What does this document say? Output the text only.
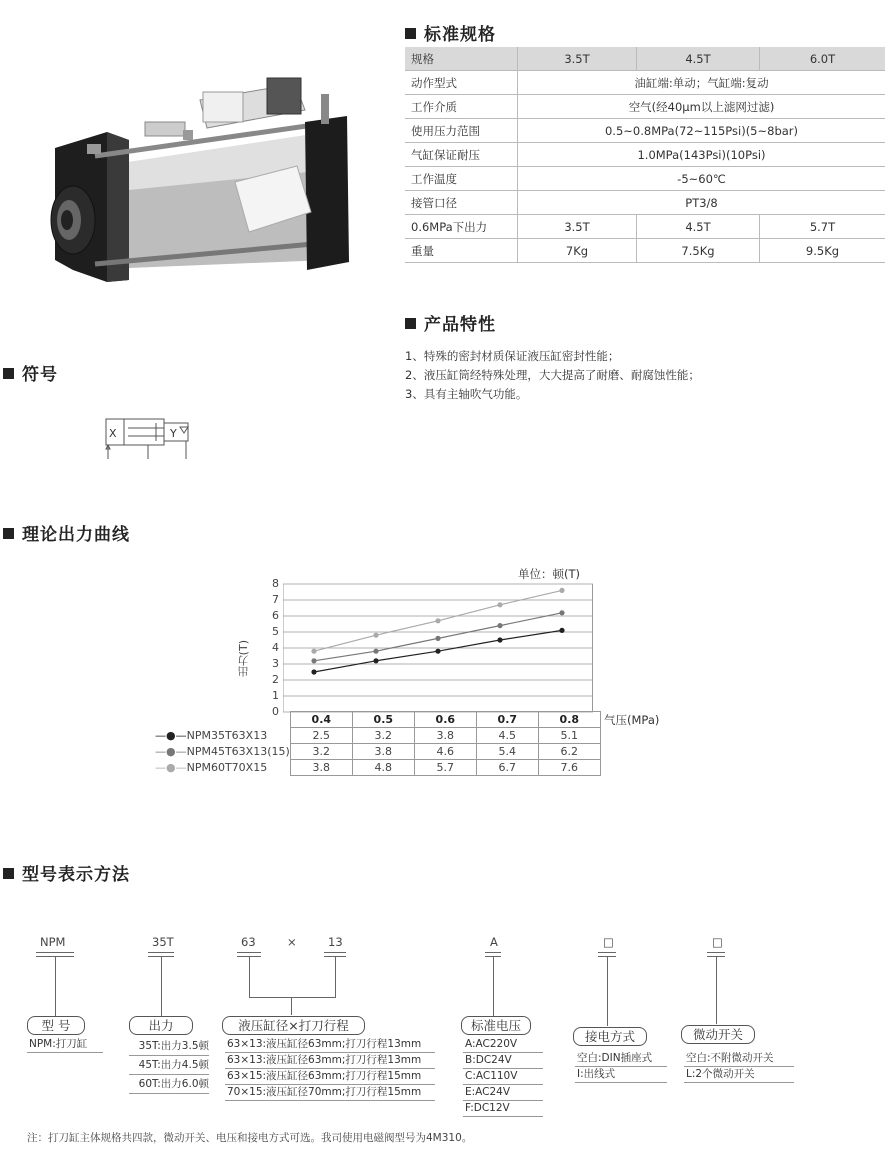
标准规格
规格	3.5T	4.5T	6.0T
动作型式	油缸端:单动；气缸端:复动		
工作介质	空气(经40μm以上滤网过滤)		
使用压力范围	0.5~0.8MPa(72~115Psi)(5~8bar)		
气缸保证耐压	1.0MPa(143Psi)(10Psi)		
工作温度	-5~60℃		
接管口径	PT3/8		
0.6MPa下出力	3.5T	4.5T	5.7T
重量	7Kg	7.5Kg	9.5Kg
产品特性
1、特殊的密封材质保证液压缸密封性能；
2、液压缸筒经特殊处理，大大提高了耐磨、耐腐蚀性能；
3、具有主轴吹气功能。
符号
X	Y
理论出力曲线
单位：顿(T)
出力(T)
0
1
2
3
4
5
6
7
8
气压(MPa)
	0.4	0.5	0.6	0.7	0.8
—●—NPM35T63X13	2.5	3.2	3.8	4.5	5.1
—●—NPM45T63X13(15)	3.2	3.8	4.6	5.4	6.2
—●—NPM60T70X15	3.8	4.8	5.7	6.7	7.6
型号表示方法
NPM	35T	63	×	13	A	□	□
型 号
NPM:打刀缸
出力
35T:出力3.5顿
45T:出力4.5顿
60T:出力6.0顿
液压缸径×打刀行程
63×13:液压缸径63mm;打刀行程13mm
63×13:液压缸径63mm;打刀行程13mm
63×15:液压缸径63mm;打刀行程15mm
70×15:液压缸径70mm;打刀行程15mm
标准电压
A:AC220V
B:DC24V
C:AC110V
E:AC24V
F:DC12V
接电方式
空白:DIN插座式
I:出线式
微动开关
空白:不附微动开关
L:2个微动开关
注：打刀缸主体规格共四款，微动开关、电压和接电方式可选。我司使用电磁阀型号为4M310。
